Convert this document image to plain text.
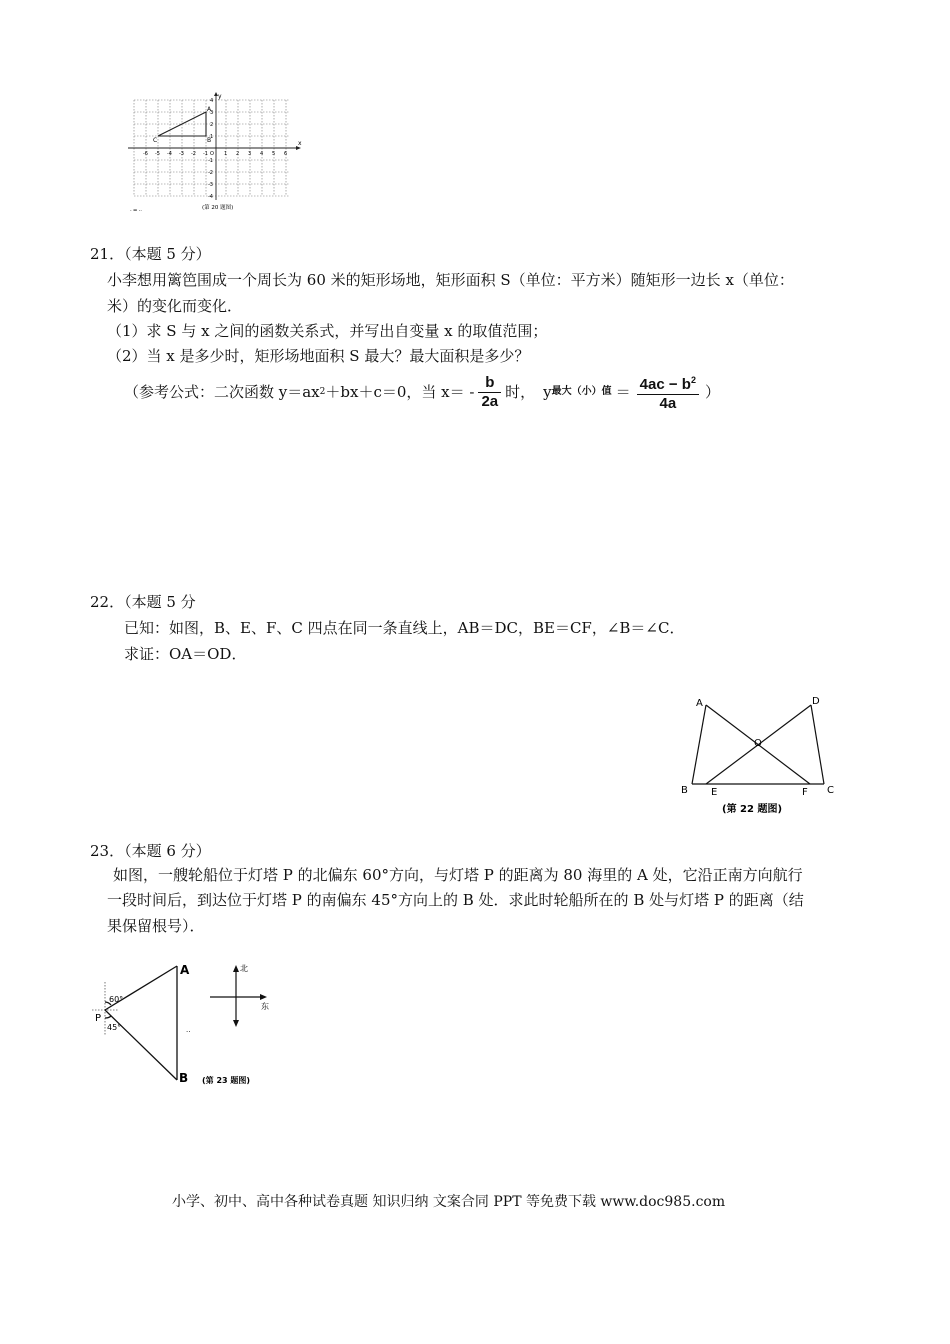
x
y
A
B
C
O
-6 -5 -4 -3 -2 -1	1 2 3 4 5 6
4
3
2
1
-1
-2
-3
-4
(第 20 题图)
· ━ ··
21．（本题 5 分）
小李想用篱笆围成一个周长为 60 米的矩形场地，矩形面积 S（单位：平方米）随矩形一边长 x（单位：
米）的变化而变化．
（1）求 S 与 x 之间的函数关系式，并写出自变量 x 的取值范围；
（2）当 x 是多少时，矩形场地面积 S 最大？最大面积是多少？
（参考公式：二次函数 y＝ax 2 ＋bx＋c＝0，当 $x= - \frac{b}{2a}$ 时， y 最大（小）值 ＝ $\frac{4ac - b^2}{4a}$ ）
22．（本题 5 分
已知：如图，B、E、F、C 四点在同一条直线上，AB＝DC，BE＝CF，∠B＝∠C．
求证：OA＝OD．
A	D
O
B E	F C
(第 22 题图)
23．（本题 6 分）
如图，一艘轮船位于灯塔 P 的北偏东 60°方向，与灯塔 P 的距离为 80 海里的 A 处，它沿正南方向航行
一段时间后，到达位于灯塔 P 的南偏东 45°方向上的 B 处．求此时轮船所在的 B 处与灯塔 P 的距离（结
果保留根号）．
A
B
P
60°
45°	..
北
东
(第 23 题图)
小学、初中、高中各种试卷真题 知识归纳 文案合同 PPT 等免费下载 www.doc985.com
